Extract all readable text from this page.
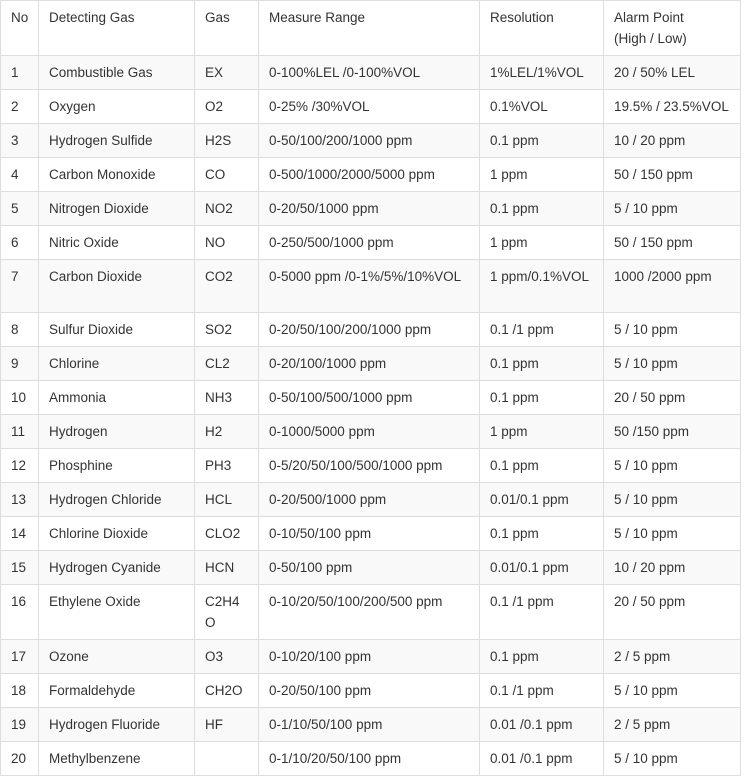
No	Detecting Gas	Gas	Measure Range	Resolution	Alarm Point
(High / Low)
1	Combustible Gas	EX	0-100%LEL /0-100%VOL	1%LEL/1%VOL	20 / 50% LEL
2	Oxygen	O2	0-25% /30%VOL	0.1%VOL	19.5% / 23.5%VOL
3	Hydrogen Sulfide	H2S	0-50/100/200/1000 ppm	0.1 ppm	10 / 20 ppm
4	Carbon Monoxide	CO	0-500/1000/2000/5000 ppm	1 ppm	50 / 150 ppm
5	Nitrogen Dioxide	NO2	0-20/50/1000 ppm	0.1 ppm	5 / 10 ppm
6	Nitric Oxide	NO	0-250/500/1000 ppm	1 ppm	50 / 150 ppm
7	Carbon Dioxide	CO2	0-5000 ppm /0-1%/5%/10%VOL	1 ppm/0.1%VOL	1000 /2000 ppm
8	Sulfur Dioxide	SO2	0-20/50/100/200/1000 ppm	0.1 /1 ppm	5 / 10 ppm
9	Chlorine	CL2	0-20/100/1000 ppm	0.1 ppm	5 / 10 ppm
10	Ammonia	NH3	0-50/100/500/1000 ppm	0.1 ppm	20 / 50 ppm
11	Hydrogen	H2	0-1000/5000 ppm	1 ppm	50 /150 ppm
12	Phosphine	PH3	0-5/20/50/100/500/1000 ppm	0.1 ppm	5 / 10 ppm
13	Hydrogen Chloride	HCL	0-20/500/1000 ppm	0.01/0.1 ppm	5 / 10 ppm
14	Chlorine Dioxide	CLO2	0-10/50/100 ppm	0.1 ppm	5 / 10 ppm
15	Hydrogen Cyanide	HCN	0-50/100 ppm	0.01/0.1 ppm	10 / 20 ppm
16	Ethylene Oxide	C2H4O	0-10/20/50/100/200/500 ppm	0.1 /1 ppm	20 / 50 ppm
17	Ozone	O3	0-10/20/100 ppm	0.1 ppm	2 / 5 ppm
18	Formaldehyde	CH2O	0-20/50/100 ppm	0.1 /1 ppm	5 / 10 ppm
19	Hydrogen Fluoride	HF	0-1/10/50/100 ppm	0.01 /0.1 ppm	2 / 5 ppm
20	Methylbenzene		0-1/10/20/50/100 ppm	0.01 /0.1 ppm	5 / 10 ppm
